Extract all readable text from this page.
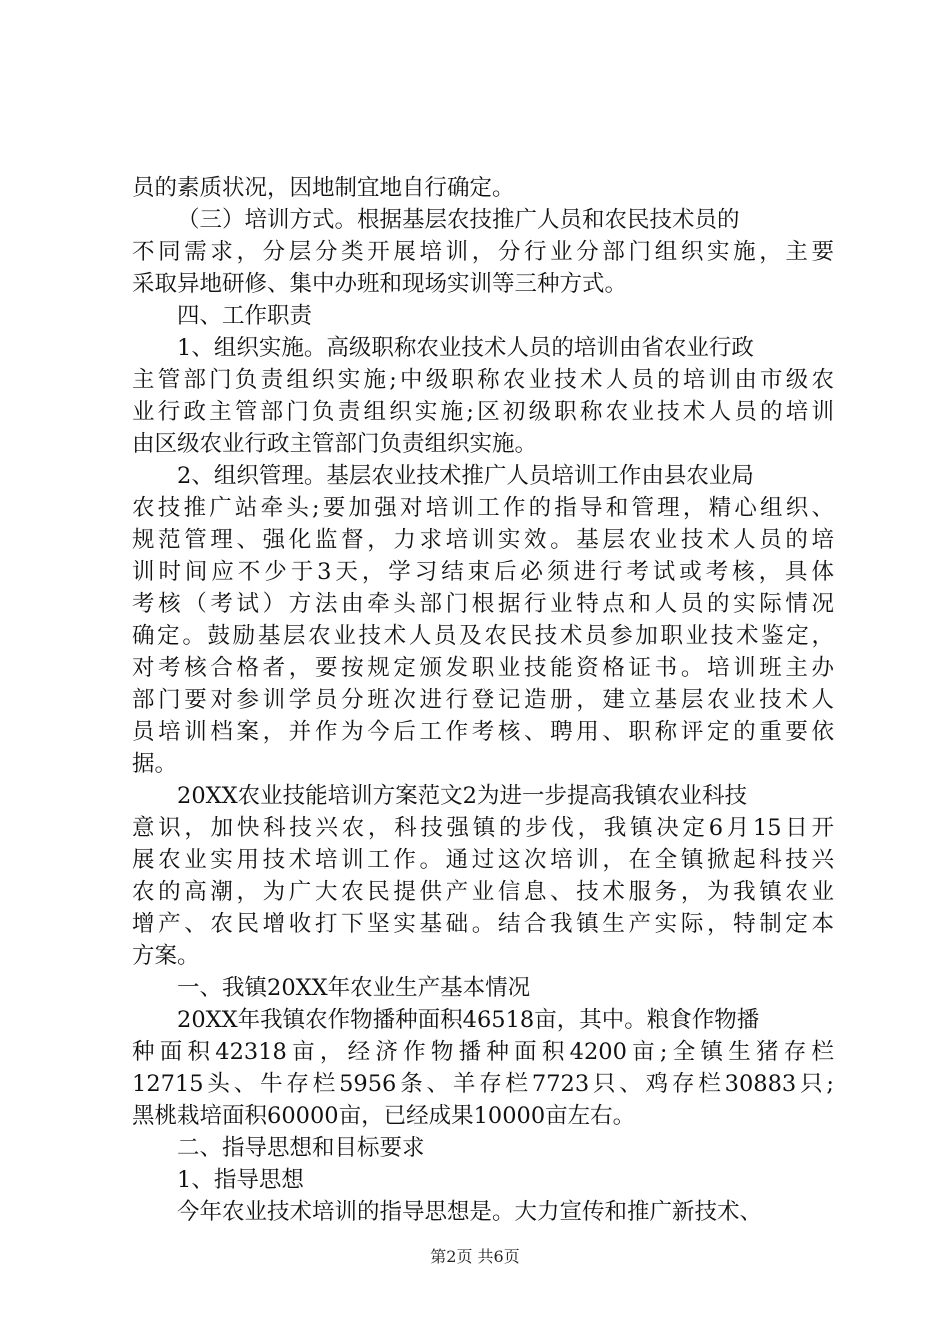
员的素质状况，因地制宜地自行确定。
（三）培训方式。根据基层农技推广人员和农民技术员的
不同需求，分层分类开展培训，分行业分部门组织实施，主要
采取异地研修、集中办班和现场实训等三种方式。
四、工作职责
1、组织实施。高级职称农业技术人员的培训由省农业行政
主管部门负责组织实施;中级职称农业技术人员的培训由市级农
业行政主管部门负责组织实施;区初级职称农业技术人员的培训
由区级农业行政主管部门负责组织实施。
2、组织管理。基层农业技术推广人员培训工作由县农业局
农技推广站牵头;要加强对培训工作的指导和管理，精心组织、
规范管理、强化监督，力求培训实效。基层农业技术人员的培
训时间应不少于3天，学习结束后必须进行考试或考核，具体
考核（考试）方法由牵头部门根据行业特点和人员的实际情况
确定。鼓励基层农业技术人员及农民技术员参加职业技术鉴定，
对考核合格者，要按规定颁发职业技能资格证书。培训班主办
部门要对参训学员分班次进行登记造册，建立基层农业技术人
员培训档案，并作为今后工作考核、聘用、职称评定的重要依
据。
20XX农业技能培训方案范文2为进一步提高我镇农业科技
意识，加快科技兴农，科技强镇的步伐，我镇决定6月15日开
展农业实用技术培训工作。通过这次培训，在全镇掀起科技兴
农的高潮，为广大农民提供产业信息、技术服务，为我镇农业
增产、农民增收打下坚实基础。结合我镇生产实际，特制定本
方案。
一、我镇20XX年农业生产基本情况
20XX年我镇农作物播种面积46518亩，其中。粮食作物播
种面积42318亩，经济作物播种面积4200亩;全镇生猪存栏
12715头、牛存栏5956条、羊存栏7723只、鸡存栏30883只;
黑桃栽培面积60000亩，已经成果10000亩左右。
二、指导思想和目标要求
1、指导思想
今年农业技术培训的指导思想是。大力宣传和推广新技术、
第2页 共6页
